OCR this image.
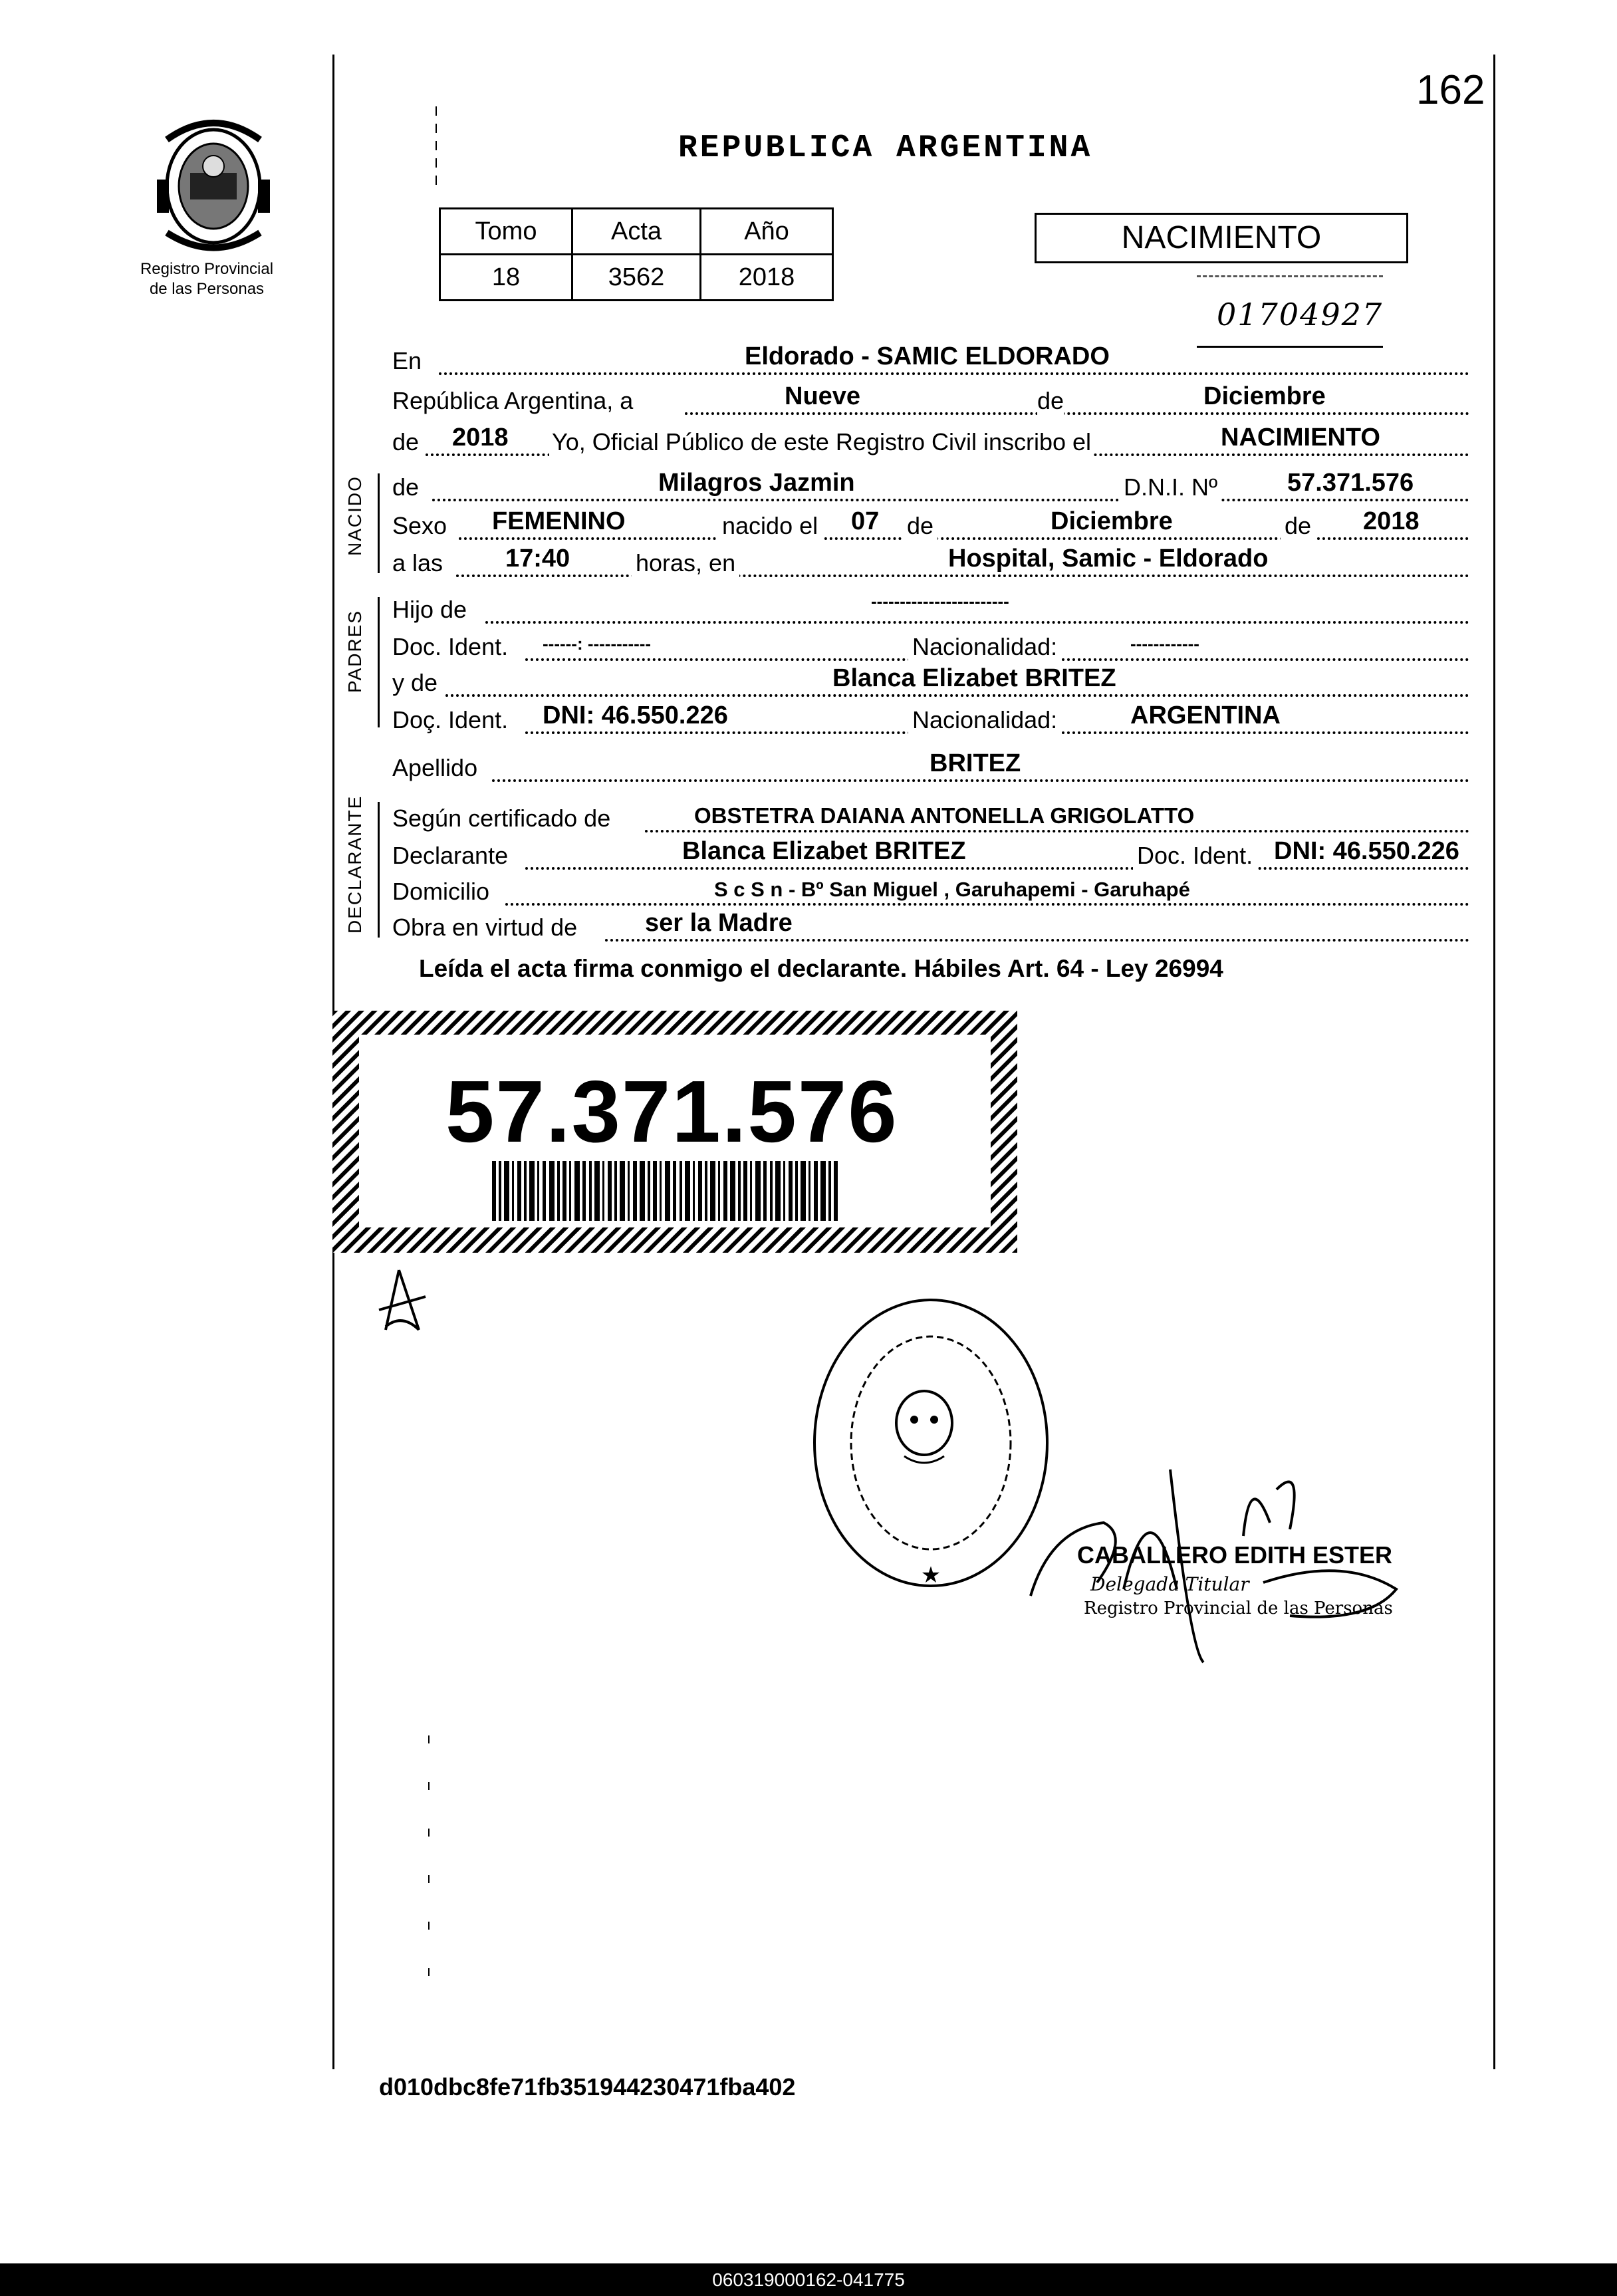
162
Registro Provincial
de las Personas
REPUBLICA ARGENTINA
Tomo	Acta	Año
18	3562	2018
NACIMIENTO
01704927
En	Eldorado - SAMIC ELDORADO
República Argentina, a	Nueve	de	Diciembre
de 2018 Yo, Oficial Público de este Registro Civil inscribo el	NACIMIENTO
NACIDO de	Milagros Jazmin	D.N.I. Nº	57.371.576
Sexo FEMENINO	nacido el 07 de	Diciembre	de 2018
a las 17:40	horas, en	Hospital, Samic - Eldorado
PADRES
Hijo de	------------------------
Doc. Ident. ------: -----------	Nacionalidad:	------------
y de	Blanca Elizabet BRITEZ
Doç. Ident. DNI: 46.550.226	Nacionalidad:	ARGENTINA
Apellido	BRITEZ
DECLARANTE Según certificado de	OBSTETRA DAIANA ANTONELLA GRIGOLATTO
Declarante	Blanca Elizabet BRITEZ	Doc. Ident. DNI: 46.550.226
Domicilio	S c S n - Bº San Miguel , Garuhapemi - Garuhapé
Obra en virtud de	ser la Madre
Leída el acta firma conmigo el declarante. Hábiles Art. 64 - Ley 26994
57.371.576
★
CABALLERO EDITH ESTER
Delegada Titular
Registro Provincial de las Personas
d010dbc8fe71fb351944230471fba402
060319000162-041775
